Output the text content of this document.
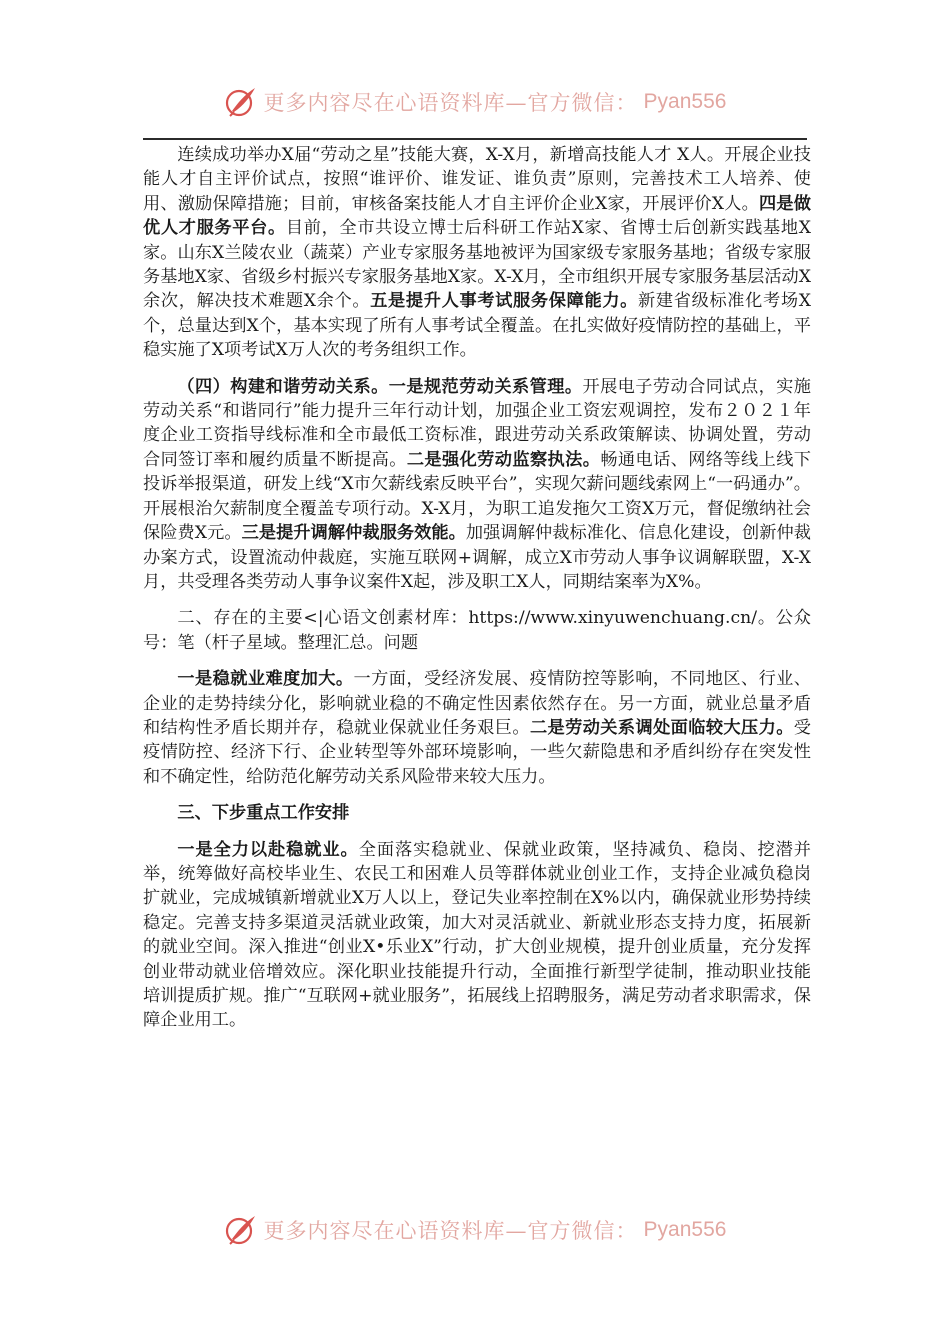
更多内容尽在心语资料库—官方微信： Pyan556

连续成功举办X届“劳动之星”技能大赛，X-X月，新增高技能人才 X人。开展企业技能人才自主评价试点，按照“谁评价、谁发证、谁负责”原则，完善技术工人培养、使用、激励保障措施；目前，审核备案技能人才自主评价企业X家，开展评价X人。四是做优人才服务平台。目前，全市共设立博士后科研工作站X家、省博士后创新实践基地X家。山东X兰陵农业（蔬菜）产业专家服务基地被评为国家级专家服务基地；省级专家服务基地X家、省级乡村振兴专家服务基地X家。X-X月，全市组织开展专家服务基层活动X余次，解决技术难题X余个。五是提升人事考试服务保障能力。新建省级标准化考场X个，总量达到X个，基本实现了所有人事考试全覆盖。在扎实做好疫情防控的基础上，平稳实施了X项考试X万人次的考务组织工作。

（四）构建和谐劳动关系。一是规范劳动关系管理。开展电子劳动合同试点，实施劳动关系“和谐同行”能力提升三年行动计划，加强企业工资宏观调控，发布２０２１年度企业工资指导线标准和全市最低工资标准，跟进劳动关系政策解读、协调处置，劳动合同签订率和履约质量不断提高。二是强化劳动监察执法。畅通电话、网络等线上线下投诉举报渠道，研发上线“X市欠薪线索反映平台”，实现欠薪问题线索网上“一码通办”。开展根治欠薪制度全覆盖专项行动。X-X月，为职工追发拖欠工资X万元，督促缴纳社会保险费X元。三是提升调解仲裁服务效能。加强调解仲裁标准化、信息化建设，创新仲裁办案方式，设置流动仲裁庭，实施互联网+调解，成立X市劳动人事争议调解联盟，X-X月，共受理各类劳动人事争议案件X起，涉及职工X人，同期结案率为X%。

二、存在的主要<|心语文创素材库：https://www.xinyuwenchuang.cn/。公众号：笔（杆子星域。整理汇总。问题

一是稳就业难度加大。一方面，受经济发展、疫情防控等影响，不同地区、行业、企业的走势持续分化，影响就业稳的不确定性因素依然存在。另一方面，就业总量矛盾和结构性矛盾长期并存，稳就业保就业任务艰巨。二是劳动关系调处面临较大压力。受疫情防控、经济下行、企业转型等外部环境影响，一些欠薪隐患和矛盾纠纷存在突发性和不确定性，给防范化解劳动关系风险带来较大压力。

三、下步重点工作安排

一是全力以赴稳就业。全面落实稳就业、保就业政策，坚持减负、稳岗、挖潜并举，统筹做好高校毕业生、农民工和困难人员等群体就业创业工作，支持企业减负稳岗扩就业，完成城镇新增就业X万人以上，登记失业率控制在X%以内，确保就业形势持续稳定。完善支持多渠道灵活就业政策，加大对灵活就业、新就业形态支持力度，拓展新的就业空间。深入推进“创业X•乐业X”行动，扩大创业规模，提升创业质量，充分发挥创业带动就业倍增效应。深化职业技能提升行动，全面推行新型学徒制，推动职业技能培训提质扩规。推广“互联网+就业服务”，拓展线上招聘服务，满足劳动者求职需求，保障企业用工。

更多内容尽在心语资料库—官方微信： Pyan556
